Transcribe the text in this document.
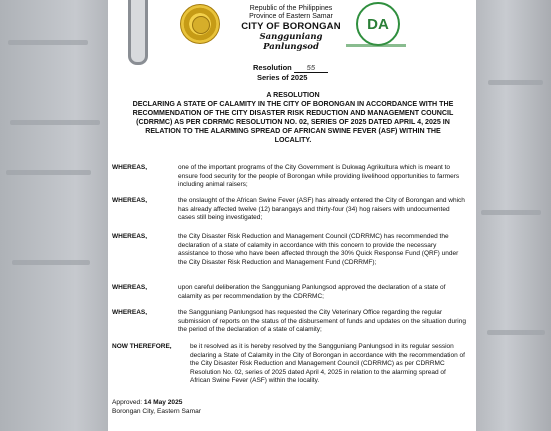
Republic of the Philippines
Province of Eastern Samar
CITY OF BORONGAN
Sangguniang Panlungsod
DA
Resolution 55
Series of 2025
A RESOLUTION
DECLARING A STATE OF CALAMITY IN THE CITY OF BORONGAN IN ACCORDANCE WITH THE RECOMMENDATION OF THE CITY DISASTER RISK REDUCTION AND MANAGEMENT COUNCIL (CDRRMC) AS PER CDRRMC RESOLUTION NO. 02, SERIES OF 2025 DATED APRIL 4, 2025 IN RELATION TO THE ALARMING SPREAD OF AFRICAN SWINE FEVER (ASF) WITHIN THE LOCALITY.
WHEREAS,	one of the important programs of the City Government is Dukwag Agrikultura which is meant to ensure food security for the people of Borongan while providing livelihood opportunities to farmers including animal raisers;
WHEREAS,	the onslaught of the African Swine Fever (ASF) has already entered the City of Borongan and which has already affected twelve (12) barangays and thirty-four (34) hog raisers with undocumented cases still being investigated;
WHEREAS,	the City Disaster Risk Reduction and Management Council (CDRRMC) has recommended the declaration of a state of calamity in accordance with this concern to provide the necessary assistance to those who have been affected through the 30% Quick Response Fund (QRF) under the City Disaster Risk Reduction and Management Fund (CDRRMF);
WHEREAS,	upon careful deliberation the Sangguniang Panlungsod approved the declaration of a state of calamity as per recommendation by the CDRRMC;
WHEREAS,	the Sangguniang Panlungsod has requested the City Veterinary Office regarding the regular submission of reports on the status of the disbursement of funds and updates on the situation during the period of the declaration of a state of calamity;
NOW THEREFORE,	be it resolved as it is hereby resolved by the Sangguniang Panlungsod in its regular session declaring a State of Calamity in the City of Borongan in accordance with the recommendation of the City Disaster Risk Reduction and Management Council (CDRRMC) as per CDRRMC Resolution No. 02, series of 2025 dated April 4, 2025 in relation to the alarming spread of African Swine Fever (ASF) within the locality.
Approved: 14 May 2025
Borongan City, Eastern Samar
